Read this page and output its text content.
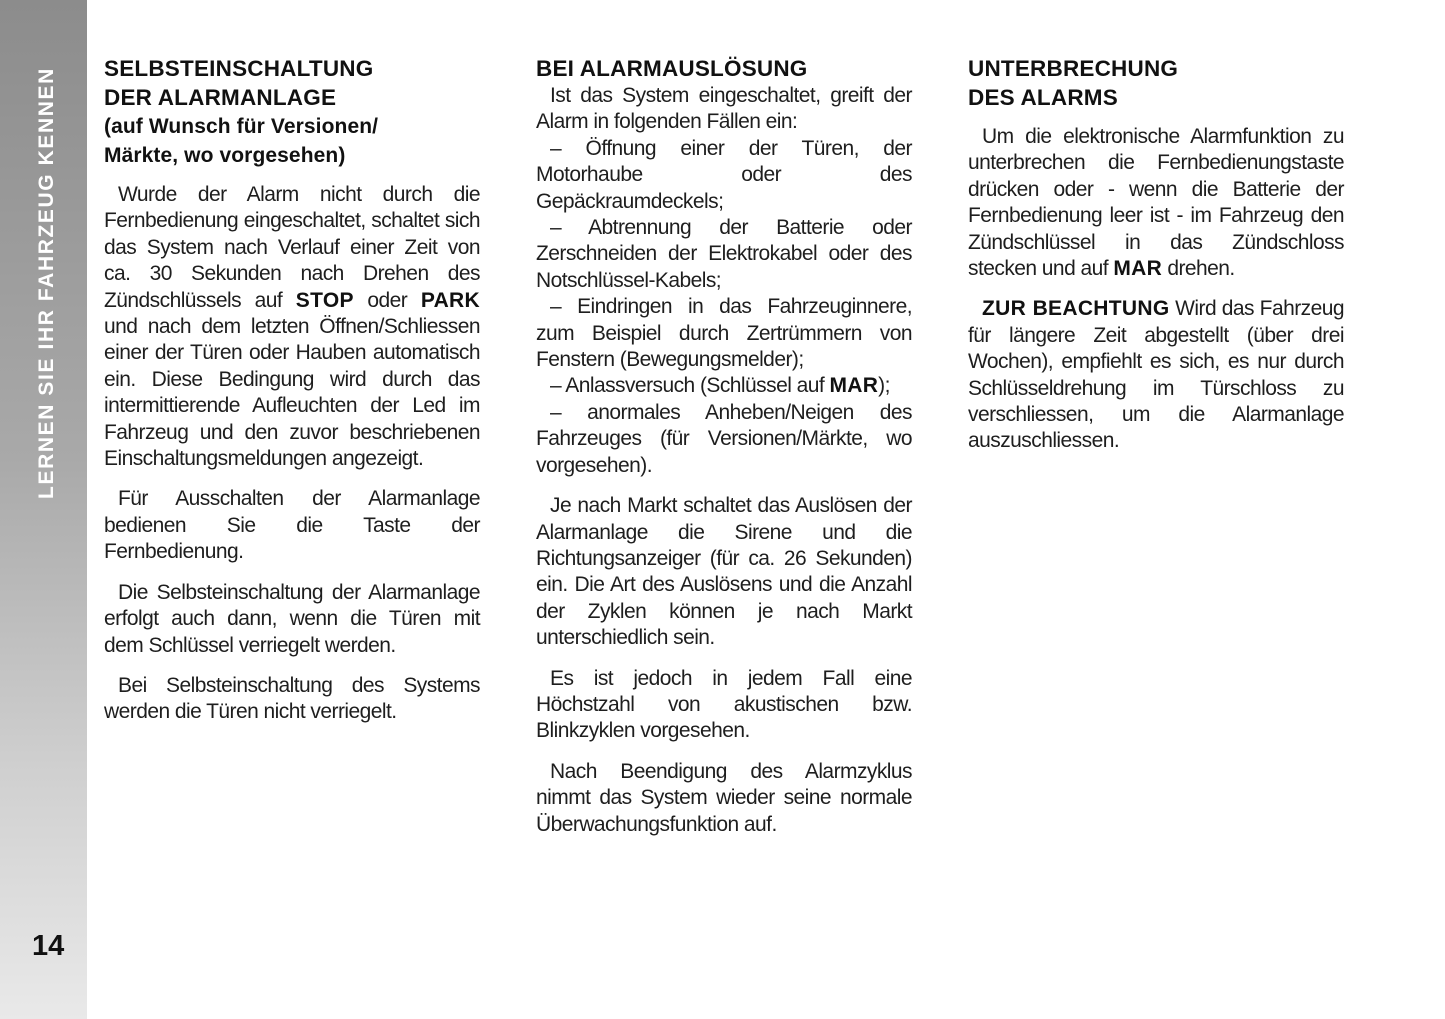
LERNEN SIE IHR FAHRZEUG KENNEN
14
SELBSTEINSCHALTUNG
DER ALARMANLAGE
(auf Wunsch für Versionen/
Märkte, wo vorgesehen)

Wurde der Alarm nicht durch die Fernbedienung eingeschaltet, schaltet sich das System nach Verlauf einer Zeit von ca. 30 Sekunden nach Drehen des Zündschlüssels auf STOP oder PARK und nach dem letzten Öffnen/Schliessen einer der Türen oder Hauben automatisch ein. Diese Bedingung wird durch das intermittierende Aufleuchten der Led im Fahrzeug und den zuvor beschriebenen Einschaltungsmeldungen angezeigt.

Für Ausschalten der Alarmanlage bedienen Sie die Taste der Fernbedienung.

Die Selbsteinschaltung der Alarmanlage erfolgt auch dann, wenn die Türen mit dem Schlüssel verriegelt werden.

Bei Selbsteinschaltung des Systems werden die Türen nicht verriegelt.

BEI ALARMAUSLÖSUNG

Ist das System eingeschaltet, greift der Alarm in folgenden Fällen ein:

– Öffnung einer der Türen, der Motorhaube oder des Gepäckraumdeckels;

– Abtrennung der Batterie oder Zerschneiden der Elektrokabel oder des Notschlüssel-Kabels;

– Eindringen in das Fahrzeuginnere, zum Beispiel durch Zertrümmern von Fenstern (Bewegungsmelder);

– Anlassversuch (Schlüssel auf MAR);

– anormales Anheben/Neigen des Fahrzeuges (für Versionen/Märkte, wo vorgesehen).

Je nach Markt schaltet das Auslösen der Alarmanlage die Sirene und die Richtungsanzeiger (für ca. 26 Sekunden) ein. Die Art des Auslösens und die Anzahl der Zyklen können je nach Markt unterschiedlich sein.

Es ist jedoch in jedem Fall eine Höchstzahl von akustischen bzw. Blinkzyklen vorgesehen.

Nach Beendigung des Alarmzyklus nimmt das System wieder seine normale Überwachungsfunktion auf.

UNTERBRECHUNG
DES ALARMS

Um die elektronische Alarmfunktion zu unterbrechen die Fernbedienungstaste drücken oder - wenn die Batterie der Fernbedienung leer ist - im Fahrzeug den Zündschlüssel in das Zündschloss stecken und auf MAR drehen.

ZUR BEACHTUNG Wird das Fahrzeug für längere Zeit abgestellt (über drei Wochen), empfiehlt es sich, es nur durch Schlüsseldrehung im Türschloss zu verschliessen, um die Alarmanlage auszuschliessen.
